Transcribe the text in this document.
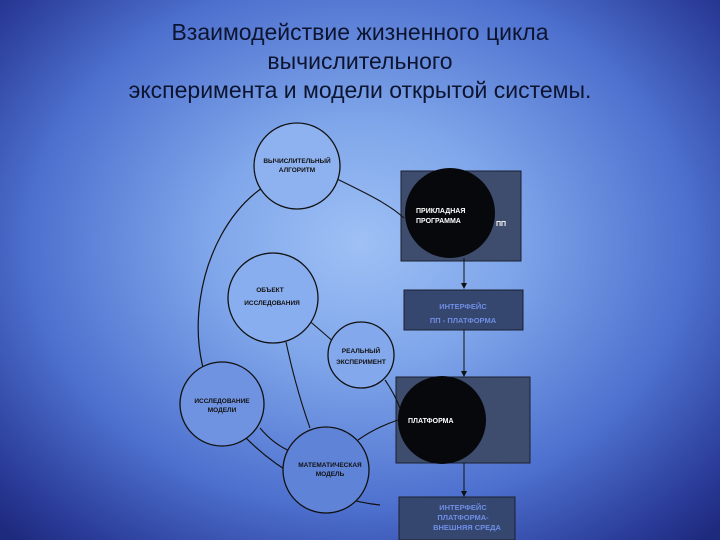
Взаимодействие жизненного цикла
вычислительного
эксперимента и модели открытой системы.
ВЫЧИСЛИТЕЛЬНЫЙ
АЛГОРИТМ
ОБЪЕКТ
ИССЛЕДОВАНИЯ
РЕАЛЬНЫЙ
ЭКСПЕРИМЕНТ
ИССЛЕДОВАНИЕ
МОДЕЛИ
МАТЕМАТИЧЕСКАЯ
МОДЕЛЬ
ПРИКЛАДНАЯ
ПРОГРАММА	ПП
ИНТЕРФЕЙС
ПП - ПЛАТФОРМА
ПЛАТФОРМА
ИНТЕРФЕЙС
ПЛАТФОРМА-
ВНЕШНЯЯ СРЕДА
